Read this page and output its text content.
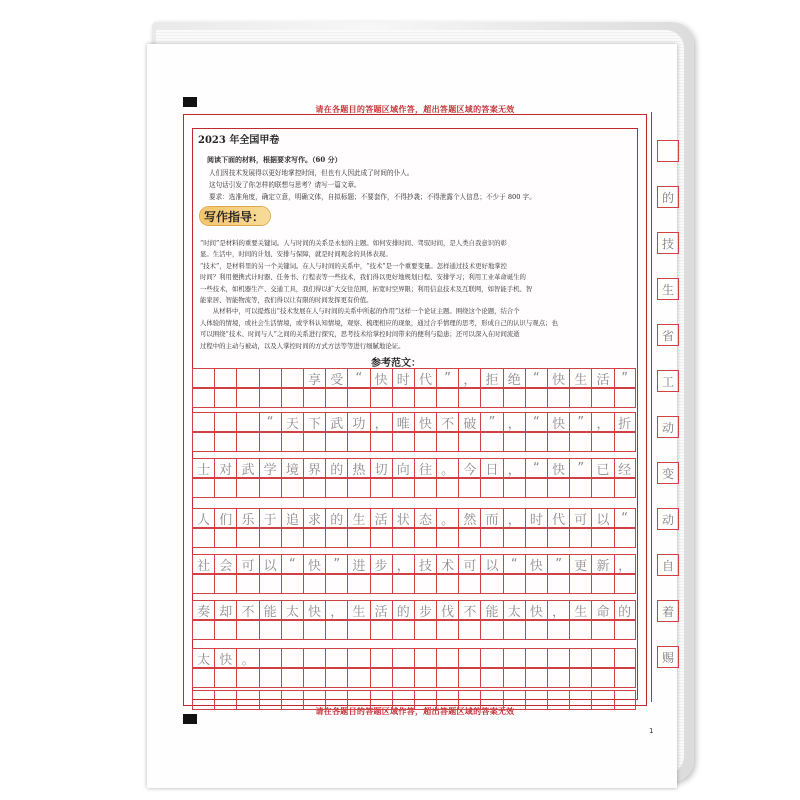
请在各题目的答题区域作答，超出答题区域的答案无效
请在各题目的答题区域作答，超出答题区域的答案无效
2023 年全国甲卷
阅读下面的材料，根据要求写作。（60 分）
人们因技术发展得以更好地掌控时间，但也有人因此成了时间的仆人。
这句话引发了你怎样的联想与思考？请写一篇文章。
要求：选准角度，确定立意，明确文体，自拟标题；不要套作，不得抄袭；不得泄露个人信息；不少于 800 字。
写作指导：
“时间”是材料的重要关键词。人与时间的关系是永恒的主题。如何安排时间、驾驭时间，是人类自我意识的彰
显。生活中，时间的计划、安排与保障，就是时间观念的具体表现。
“技术”，是材料里的另一个关键词。在人与时间的关系中，“技术”是一个重要变量。怎样通过技术更好地掌控
时间？利用便携式计时器、任务书、行程表等一些技术，我们得以更好地规划日程、安排学习；利用工业革命诞生的
一些技术，如机器生产、交通工具，我们得以扩大交往范围，拓宽时空界限；利用信息技术及互联网，如智能手机、智
能家居、智能物流等，我们得以让有限的时间发挥更有价值。
　　从材料中，可以提炼出“技术发展在人与时间的关系中所起的作用”这样一个论证主题。围绕这个论题，结合个
人体验的情境，或社会生活情境，或学科认知情境，观察、梳理相应的现象，通过合乎情理的思考，形成自己的认识与观点；也
可以围绕“技术、时间与人”之间的关系进行探究，思考技术给掌控时间带来的便利与隐患；还可以深入在时间流逝
过程中的主动与被动，以及人掌控时间的方式方法等等进行细腻地论证。
参考范文：
享 受 “ 快 时 代 ” ， 拒 绝 “ 快 生 活 ”
“ 天 下 武 功 ， 唯 快 不 破 ” ， “ 快 ” ， 折
士 对 武 学 境 界 的 热 切 向 往 。 今 日 ， “ 快 ” 已 经
人 们 乐 于 追 求 的 生 活 状 态 。 然 而 ， 时 代 可 以 “
社 会 可 以 “ 快 ” 进 步 ， 技 术 可 以 “ 快 ” 更 新 ，
奏 却 不 能 太 快 ， 生 活 的 步 伐 不 能 太 快 ， 生 命 的
太 快 。
的
技
生
省
工
动
变
动
自
着
赐
1
